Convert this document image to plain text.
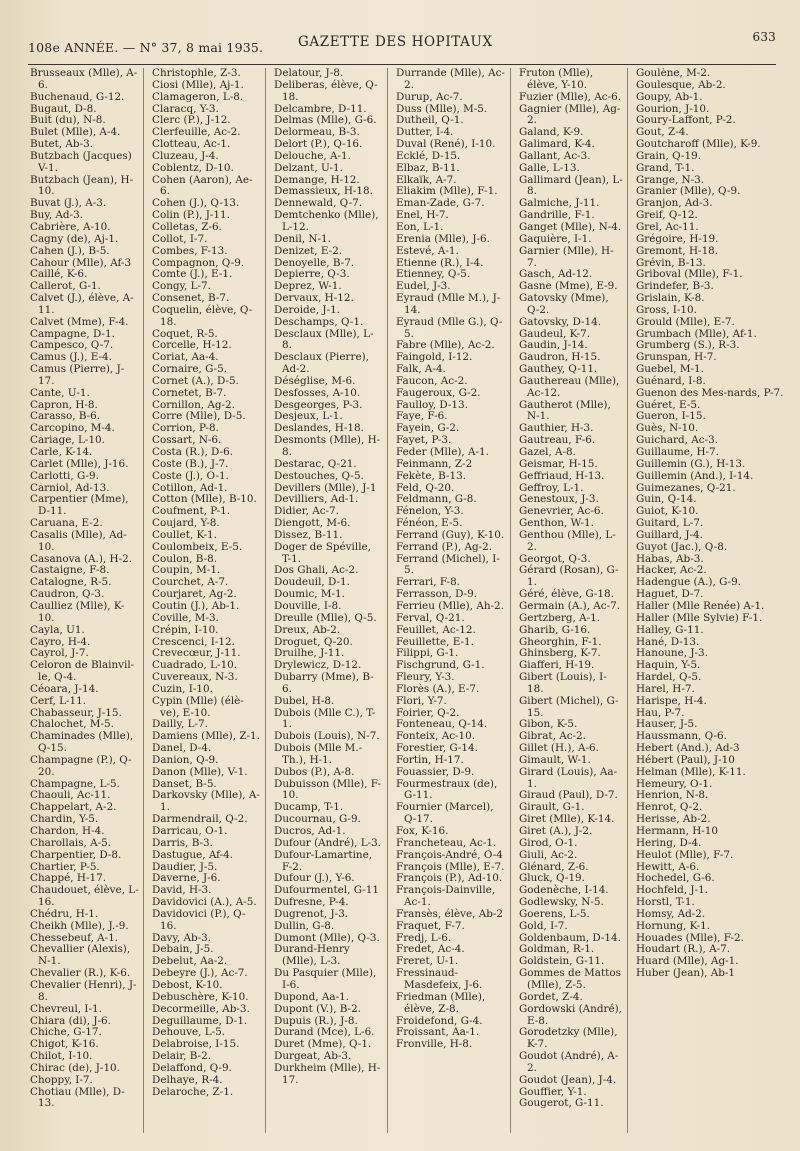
108e ANNÉE. — N° 37, 8 mai 1935.	GAZETTE DES HOPITAUX	633
Brusseaux (Mlle), A-6.
Buchenaud, G-12.
Bugaut, D-8.
Buit (du), N-8.
Bulet (Mlle), A-4.
Butet, Ab-3.
Butzbach (Jacques) V-1.
Butzbach (Jean), H-10.
Buvat (J.), A-3.
Buy, Ad-3.
Cabrière, A-10.
Cagny (de), Aj-1.
Cahen (J.), B-5.
Cahour (Mlle), Af-3
Caillé, K-6.
Callerot, G-1.
Calvet (J.), élève, A-11.
Calvet (Mme), F-4.
Campagne, D-1.
Campesco, Q-7.
Camus (J.), E-4.
Camus (Pierre), J-17.
Cante, U-1.
Capron, H-8.
Carasso, B-6.
Carcopino, M-4.
Cariage, L-10.
Carle, K-14.
Carlet (Mlle), J-16.
Carlotti, G-9.
Carniol, Ad-13.
Carpentier (Mme), D-11.
Caruana, E-2.
Casalis (Mlle), Ad-10.
Casanova (A.), H-2.
Castaigne, F-8.
Catalogne, R-5.
Caudron, Q-3.
Caulliez (Mlle), K-10.
Cayla, U1.
Cayro, H-4.
Cayrol, J-7.
Celoron de Blainvil-le, Q-4.
Céoara, J-14.
Cerf, L-11.
Chabasseur, J-15.
Chalochet, M-5.
Chaminades (Mlle), Q-15.
Champagne (P.), Q-20.
Champagne, L-5.
Chaouli, Ac-11.
Chappelart, A-2.
Chardin, Y-5.
Chardon, H-4.
Charollais, A-5.
Charpentier, D-8.
Chartier, P-5.
Chappé, H-17.
Chaudouet, élève, L-16.
Chédru, H-1.
Cheikh (Mlle), J.-9.
Chessebeuf, A-1.
Chevallier (Alexis), N-1.
Chevalier (R.), K-6.
Chevalier (Henri), J-8.
Chevreul, I-1.
Chiara (di), J-6.
Chiche, G-17.
Chigot, K-16.
Chilot, I-10.
Chirac (de), J-10.
Choppy, I-7.
Chotiau (Mlle), D-13.
Christophle, Z-3.
Ciosi (Mlle), Aj-1.
Clamageron, L-8.
Claracq, Y-3.
Clerc (P.), J-12.
Clerfeuille, Ac-2.
Clotteau, Ac-1.
Cluzeau, J-4.
Coblentz, D-10.
Cohen (Aaron), Ae-6.
Cohen (J.), Q-13.
Colin (P.), J-11.
Colletas, Z-6.
Collot, I-7.
Combes, F-13.
Compagnon, Q-9.
Comte (J.), E-1.
Congy, L-7.
Consenet, B-7.
Coquelin, élève, Q-18.
Coquet, R-5.
Corcelle, H-12.
Coriat, Aa-4.
Cornaire, G-5.
Cornet (A.), D-5.
Cornetet, B-7.
Cornillon, Ag-2.
Corre (Mlle), D-5.
Corrion, P-8.
Cossart, N-6.
Costa (R.), D-6.
Coste (B.), J-7.
Coste (J.), O-1.
Cotillon, Ad-1.
Cotton (Mlle), B-10.
Coufment, P-1.
Coujard, Y-8.
Coullet, K-1.
Coulombeix, E-5.
Coulon, B-8.
Coupin, M-1.
Courchet, A-7.
Courjaret, Ag-2.
Coutin (J.), Ab-1.
Coville, M-3.
Crépin, I-10.
Crescenci, I-12.
Crevecœur, J-11.
Cuadrado, L-10.
Cuvereaux, N-3.
Cuzin, I-10.
Cypin (Mlle) (élè-ve), E-10.
Dailly, L-7.
Damiens (Mlle), Z-1.
Danel, D-4.
Danion, Q-9.
Danon (Mlle), V-1.
Danset, B-5.
Darkovsky (Mlle), A-1.
Darmendrail, Q-2.
Darricau, O-1.
Darris, B-3.
Dastugue, Af-4.
Daudier, J-5.
Daverne, J-6.
David, H-3.
Davidovici (A.), A-5.
Davidovici (P.), Q-16.
Davy, Ab-3.
Debain, J-5.
Debelut, Aa-2.
Debeyre (J.), Ac-7.
Debost, K-10.
Debuschère, K-10.
Decormeille, Ab-3.
Deguillaume, D-1.
Dehouve, L-5.
Delabroise, I-15.
Delair, B-2.
Delaffond, Q-9.
Delhaye, R-4.
Delaroche, Z-1.
Delatour, J-8.
Deliberas, élève, Q-18.
Delcambre, D-11.
Delmas (Mlle), G-6.
Delormeau, B-3.
Delort (P.), Q-16.
Delouche, A-1.
Delzant, U-1.
Demange, H-12.
Demassieux, H-18.
Dennewald, Q-7.
Demtchenko (Mlle), L-12.
Denil, N-1.
Denizet, E-2.
Denoyelle, B-7.
Depierre, Q-3.
Deprez, W-1.
Dervaux, H-12.
Deroide, J-1.
Deschamps, Q-1.
Desclaux (Mlle), L-8.
Desclaux (Pierre), Ad-2.
Déséglise, M-6.
Desfosses, A-10.
Desgeorges, P-3.
Desjeux, L-1.
Deslandes, H-18.
Desmonts (Mlle), H-8.
Destarac, Q-21.
Destouches, Q-5.
Devillers (Mlle), J-1
Devilliers, Ad-1.
Didier, Ac-7.
Diengott, M-6.
Dissez, B-11.
Doger de Spéville, T-1.
Dos Ghali, Ac-2.
Doudeuil, D-1.
Doumic, M-1.
Douville, I-8.
Dreulle (Mlle), Q-5.
Dreux, Ab-2.
Droguet, Q-20.
Druilhe, J-11.
Drylewicz, D-12.
Dubarry (Mme), B-6.
Dubel, H-8.
Dubois (Mlle C.), T-1.
Dubois (Louis), N-7.
Dubois (Mlle M.-Th.), H-1.
Dubos (P.), A-8.
Dubuisson (Mlle), F-10.
Ducamp, T-1.
Ducournau, G-9.
Ducros, Ad-1.
Dufour (André), L-3.
Dufour-Lamartine, F-2.
Dufour (J.), Y-6.
Dufourmentel, G-11
Dufresne, P-4.
Dugrenot, J-3.
Dullin, G-8.
Dumont (Mlle), Q-3.
Durand-Henry (Mlle), L-3.
Du Pasquier (Mlle), I-6.
Dupond, Aa-1.
Dupont (V.), B-2.
Dupuis (R.), J-8.
Durand (Mce), L-6.
Duret (Mme), Q-1.
Durgeat, Ab-3.
Durkheim (Mlle), H-17.
Durrande (Mlle), Ac-2.
Durup, Ac-7.
Duss (Mlle), M-5.
Dutheil, Q-1.
Dutter, I-4.
Duval (René), I-10.
Ecklé, D-15.
Elbaz, B-11.
Elkaïk, A-7.
Eliakim (Mlle), F-1.
Eman-Zade, G-7.
Enel, H-7.
Eon, L-1.
Erenia (Mlle), J-6.
Estevé, A-1.
Etienne (R.), I-4.
Etienney, Q-5.
Eudel, J-3.
Eyraud (Mlle M.), J-14.
Eyraud (Mlle G.), Q-5.
Fabre (Mlle), Ac-2.
Faingold, I-12.
Falk, A-4.
Faucon, Ac-2.
Faugeroux, G-2.
Faulloy, D-13.
Faye, F-6.
Fayein, G-2.
Fayet, P-3.
Feder (Mlle), A-1.
Feinmann, Z-2
Fekète, B-13.
Feld, Q-20.
Feldmann, G-8.
Fénelon, Y-3.
Fénéon, E-5.
Ferrand (Guy), K-10.
Ferrand (P.), Ag-2.
Ferrand (Michel), I-5.
Ferrari, F-8.
Ferrasson, D-9.
Ferrieu (Mlle), Ah-2.
Ferval, Q-21.
Feuillet, Ac-12.
Feuillette, E-1.
Filippi, G-1.
Fischgrund, G-1.
Fleury, Y-3.
Florès (A.), E-7.
Flori, Y-7.
Foirier, Q-2.
Fonteneau, Q-14.
Fonteix, Ac-10.
Forestier, G-14.
Fortin, H-17.
Fouassier, D-9.
Fourmestraux (de), G-11.
Fournier (Marcel), Q-17.
Fox, K-16.
Francheteau, Ac-1.
François-André, O-4
François (Mlle), E-7.
François (P.), Ad-10.
François-Dainville, Ac-1.
Fransès, élève, Ab-2
Fraquet, F-7.
Fredj, L-6.
Fredet, Ac-4.
Freret, U-1.
Fressinaud-Masdefeix, J-6.
Friedman (Mlle), élève, Z-8.
Froidefond, G-4.
Froissant, Aa-1.
Fronville, H-8.
Fruton (Mlle), élève, Y-10.
Fuzier (Mlle), Ac-6.
Gagnier (Mlle), Ag-2.
Galand, K-9.
Galimard, K-4.
Gallant, Ac-3.
Galle, L-13.
Gallimard (Jean), L-8.
Galmiche, J-11.
Gandrille, F-1.
Ganget (Mlle), N-4.
Gaquière, I-1.
Garnier (Mlle), H-7.
Gasch, Ad-12.
Gasne (Mme), E-9.
Gatovsky (Mme), Q-2.
Gatovsky, D-14.
Gaudeul, K-7.
Gaudin, J-14.
Gaudron, H-15.
Gauthey, Q-11.
Gauthereau (Mlle), Ac-12.
Gautherot (Mlle), N-1.
Gauthier, H-3.
Gautreau, F-6.
Gazel, A-8.
Geismar, H-15.
Geffriaud, H-13.
Geffroy, L-1.
Genestoux, J-3.
Genevrier, Ac-6.
Genthon, W-1.
Genthou (Mlle), L-2.
Georgot, Q-3.
Gérard (Rosan), G-1.
Géré, élève, G-18.
Germain (A.), Ac-7.
Gertzberg, A-1.
Gharib, G-16.
Gheorghin, F-1.
Ghinsberg, K-7.
Giafferi, H-19.
Gibert (Louis), I-18.
Gibert (Michel), G-15.
Gibon, K-5.
Gibrat, Ac-2.
Gillet (H.), A-6.
Gimault, W-1.
Girard (Louis), Aa-1.
Giraud (Paul), D-7.
Girault, G-1.
Giret (Mlle), K-14.
Giret (A.), J-2.
Girod, O-1.
Giuli, Ac-2.
Glénard, Z-6.
Gluck, Q-19.
Godenèche, I-14.
Godlewsky, N-5.
Goerens, L-5.
Gold, I-7.
Goldenbaum, D-14.
Goldman, R-1.
Goldstein, G-11.
Gommes de Mattos (Mlle), Z-5.
Gordet, Z-4.
Gordowski (André), E-8.
Gorodetzky (Mlle), K-7.
Goudot (André), A-2.
Goudot (Jean), J-4.
Gouffier, Y-1.
Gougerot, G-11.
Goulène, M-2.
Goulesque, Ab-2.
Goupy, Ab-1.
Gourion, J-10.
Goury-Laffont, P-2.
Gout, Z-4.
Goutcharoff (Mlle), K-9.
Grain, Q-19.
Grand, T-1.
Grange, N-3.
Granier (Mlle), Q-9.
Granjon, Ad-3.
Greif, Q-12.
Grel, Ac-11.
Grégoire, H-19.
Gremont, H-18.
Grévin, B-13.
Griboval (Mlle), F-1.
Grindefer, B-3.
Grislain, K-8.
Gross, I-10.
Grould (Mlle), E-7.
Grumbach (Mlle), Af-1.
Grumberg (S.), R-3.
Grunspan, H-7.
Guebel, M-1.
Guénard, I-8.
Guenon des Mes-nards, P-7.
Guéret, E-5.
Gueron, I-15.
Guès, N-10.
Guichard, Ac-3.
Guillaume, H-7.
Guillemin (G.), H-13.
Guillemin (And.), I-14.
Guimezanes, Q-21.
Guin, Q-14.
Guiot, K-10.
Guitard, L-7.
Guillard, J-4.
Guyot (Jac.), Q-8.
Habas, Ab-3.
Hacker, Ac-2.
Hadengue (A.), G-9.
Haguet, D-7.
Haller (Mlle Renée) A-1.
Haller (Mlle Sylvie) F-1.
Halley, G-11.
Hané, D-13.
Hanoune, J-3.
Haquin, Y-5.
Hardel, Q-5.
Harel, H-7.
Harispe, H-4.
Hau, P-7.
Hauser, J-5.
Haussmann, Q-6.
Hebert (And.), Ad-3
Hébert (Paul), J-10
Helman (Mlle), K-11.
Hemeury, O-1.
Henrion, N-8.
Henrot, Q-2.
Herisse, Ab-2.
Hermann, H-10
Hering, D-4.
Heulot (Mlle), F-7.
Hewitt, A-6.
Hochedel, G-6.
Hochfeld, J-1.
Horstl, T-1.
Homsy, Ad-2.
Hornung, K-1.
Houades (Mlle), F-2.
Houdart (R.), A-7.
Huard (Mlle), Ag-1.
Huber (Jean), Ab-1
